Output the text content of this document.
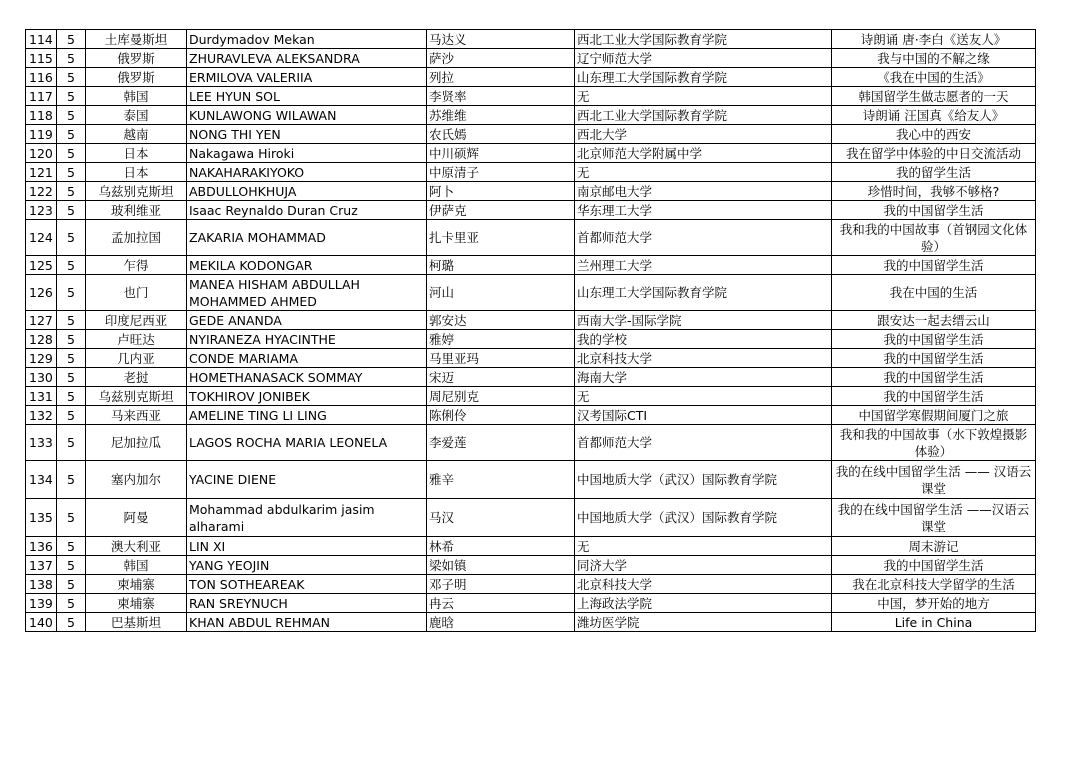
114	5	土库曼斯坦	Durdymadov Mekan	马达义	西北工业大学国际教育学院	诗朗诵 唐·李白《送友人》
115	5	俄罗斯	ZHURAVLEVA ALEKSANDRA	萨沙	辽宁师范大学	我与中国的不解之缘
116	5	俄罗斯	ERMILOVA VALERIIA	列拉	山东理工大学国际教育学院	《我在中国的生活》
117	5	韩国	LEE HYUN SOL	李贤率	无	韩国留学生做志愿者的一天
118	5	泰国	KUNLAWONG WILAWAN	苏维维	西北工业大学国际教育学院	诗朗诵 汪国真《给友人》
119	5	越南	NONG THI YEN	农氏嫣	西北大学	我心中的西安
120	5	日本	Nakagawa Hiroki	中川硕辉	北京师范大学附属中学	我在留学中体验的中日交流活动
121	5	日本	NAKAHARAKIYOKO	中原清子	无	我的留学生活
122	5	乌兹别克斯坦	ABDULLOHKHUJA	阿卜	南京邮电大学	珍惜时间，我够不够格?
123	5	玻利维亚	Isaac Reynaldo Duran Cruz	伊萨克	华东理工大学	我的中国留学生活
124	5	孟加拉国	ZAKARIA MOHAMMAD	扎卡里亚	首都师范大学	我和我的中国故事（首钢园文化体验）
125	5	乍得	MEKILA KODONGAR	柯璐	兰州理工大学	我的中国留学生活
126	5	也门	MANEA HISHAM ABDULLAH MOHAMMED AHMED	河山	山东理工大学国际教育学院	我在中国的生活
127	5	印度尼西亚	GEDE ANANDA	郭安达	西南大学-国际学院	跟安达一起去缙云山
128	5	卢旺达	NYIRANEZA HYACINTHE	雅婷	我的学校	我的中国留学生活
129	5	几内亚	CONDE MARIAMA	马里亚玛	北京科技大学	我的中国留学生活
130	5	老挝	HOMETHANASACK SOMMAY	宋迈	海南大学	我的中国留学生活
131	5	乌兹别克斯坦	TOKHIROV JONIBEK	周尼别克	无	我的中国留学生活
132	5	马来西亚	AMELINE TING LI LING	陈俐伶	汉考国际CTI	中国留学寒假期间厦门之旅
133	5	尼加拉瓜	LAGOS ROCHA MARIA LEONELA	李爱莲	首都师范大学	我和我的中国故事（水下敦煌摄影体验）
134	5	塞内加尔	YACINE DIENE	雅辛	中国地质大学（武汉）国际教育学院	我的在线中国留学生活 —— 汉语云课堂
135	5	阿曼	Mohammad abdulkarim jasim alharami	马汉	中国地质大学（武汉）国际教育学院	我的在线中国留学生活 ——汉语云课堂
136	5	澳大利亚	LIN XI	林希	无	周末游记
137	5	韩国	YANG YEOJIN	梁如镇	同济大学	我的中国留学生活
138	5	柬埔寨	TON SOTHEAREAK	邓子明	北京科技大学	我在北京科技大学留学的生活
139	5	柬埔寨	RAN SREYNUCH	冉云	上海政法学院	中国，梦开始的地方
140	5	巴基斯坦	KHAN ABDUL REHMAN	鹿晗	潍坊医学院	Life in China
